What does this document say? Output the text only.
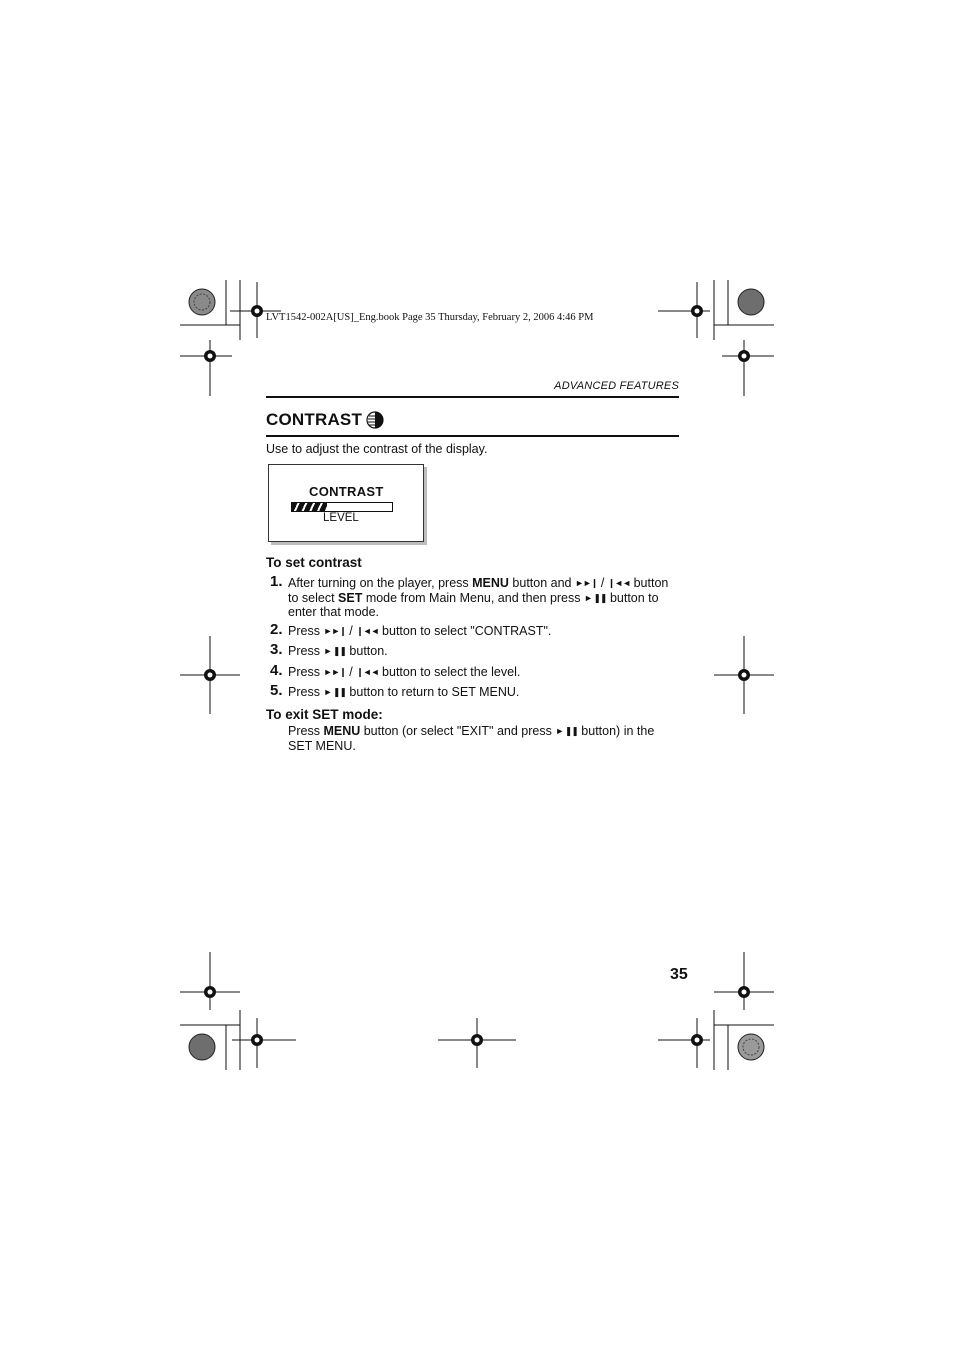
LVT1542-002A[US]_Eng.book Page 35 Thursday, February 2, 2006 4:46 PM
ADVANCED FEATURES
CONTRAST
Use to adjust the contrast of the display.
CONTRAST
LEVEL
To set contrast
1. After turning on the player, press MENU button and ►►❙ / ❙◄◄ button to select SET mode from Main Menu, and then press ► ❚❚ button to enter that mode.
2. Press ►►❙ / ❙◄◄ button to select "CONTRAST".
3. Press ► ❚❚ button.
4. Press ►►❙ / ❙◄◄ button to select the level.
5. Press ► ❚❚ button to return to SET MENU.
To exit SET mode:
Press MENU button (or select "EXIT" and press ► ❚❚ button) in the SET MENU.
35
